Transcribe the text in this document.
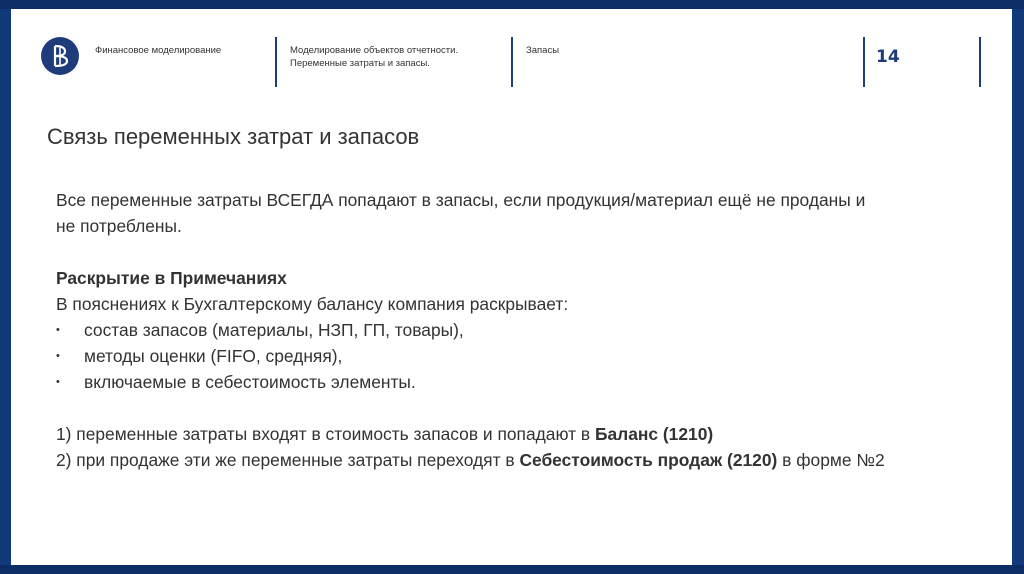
Финансовое моделирование	Моделирование объектов отчетности. Переменные затраты и запасы.
Запасы	14
Связь переменных затрат и запасов

Все переменные затраты ВСЕГДА попадают в запасы, если продукция/материал ещё не проданы и не потреблены.

Раскрытие в Примечаниях

В пояснениях к Бухгалтерскому балансу компания раскрывает:

• состав запасов (материалы, НЗП, ГП, товары),
• методы оценки (FIFO, средняя),
• включаемые в себестоимость элементы.

1) переменные затраты входят в стоимость запасов и попадают в Баланс (1210)

2) при продаже эти же переменные затраты переходят в Себестоимость продаж (2120) в форме №2
